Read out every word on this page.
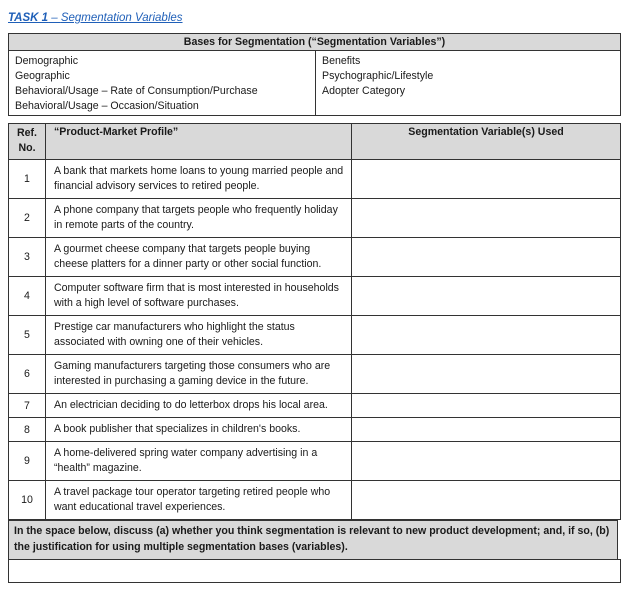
TASK 1 – Segmentation Variables
Bases for Segmentation (“Segmentation Variables”)

Demographic
Geographic
Behavioral/Usage – Rate of Consumption/Purchase
Behavioral/Usage – Occasion/Situation

Benefits
Psychographic/Lifestyle
Adopter Category
Ref. No.	“Product-Market Profile”	Segmentation Variable(s) Used
1	A bank that markets home loans to young married people and financial advisory services to retired people.	
2	A phone company that targets people who frequently holiday in remote parts of the country.	
3	A gourmet cheese company that targets people buying cheese platters for a dinner party or other social function.	
4	Computer software firm that is most interested in households with a high level of software purchases.	
5	Prestige car manufacturers who highlight the status associated with owning one of their vehicles.	
6	Gaming manufacturers targeting those consumers who are interested in purchasing a gaming device in the future.	
7	An electrician deciding to do letterbox drops his local area.	
8	A book publisher that specializes in children's books.	
9	A home-delivered spring water company advertising in a “health” magazine.	
10	A travel package tour operator targeting retired people who want educational travel experiences.	
In the space below, discuss (a) whether you think segmentation is relevant to new product development; and, if so, (b) the justification for using multiple segmentation bases (variables).
